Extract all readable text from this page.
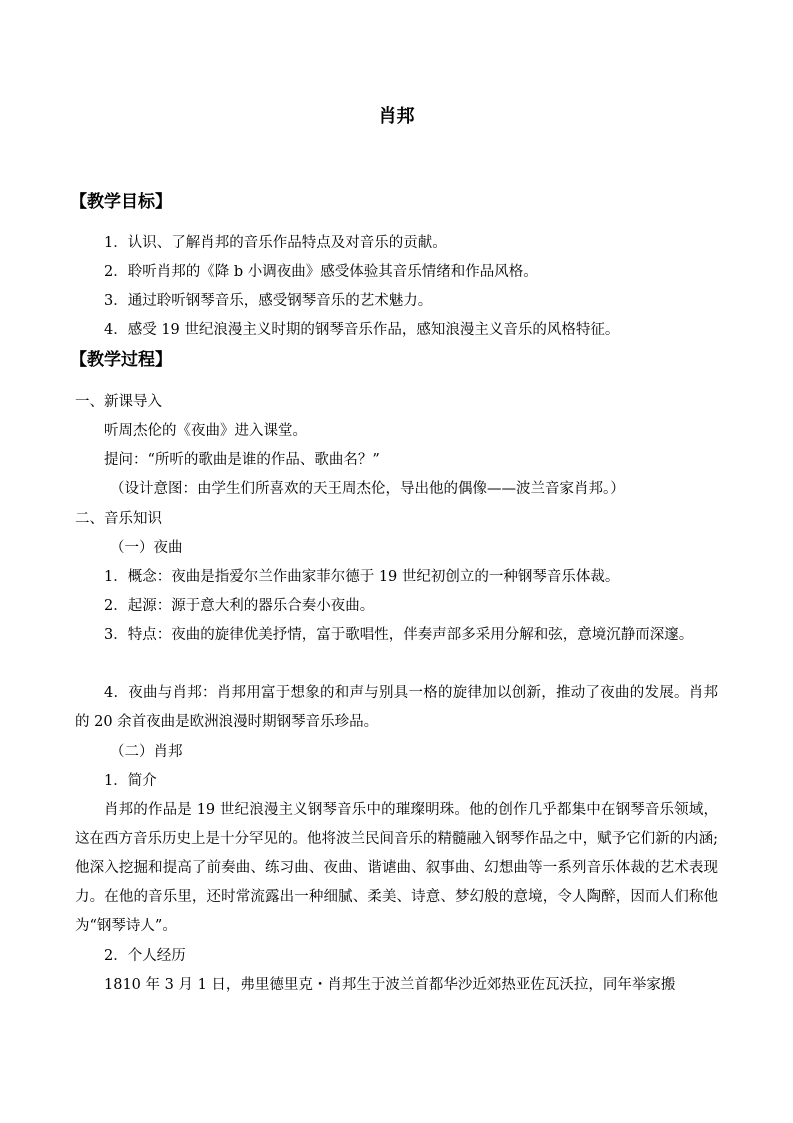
肖邦
【教学目标】
1．认识、了解肖邦的音乐作品特点及对音乐的贡献。
2．聆听肖邦的《降 b 小调夜曲》感受体验其音乐情绪和作品风格。
3．通过聆听钢琴音乐，感受钢琴音乐的艺术魅力。
4．感受 19 世纪浪漫主义时期的钢琴音乐作品，感知浪漫主义音乐的风格特征。
【教学过程】
一、新课导入
听周杰伦的《夜曲》进入课堂。
提问：“所听的歌曲是谁的作品、歌曲名？”
（设计意图：由学生们所喜欢的天王周杰伦，导出他的偶像——波兰音家肖邦。）
二、音乐知识
（一）夜曲
1．概念：夜曲是指爱尔兰作曲家菲尔德于 19 世纪初创立的一种钢琴音乐体裁。
2．起源：源于意大利的器乐合奏小夜曲。
3．特点：夜曲的旋律优美抒情，富于歌唱性，伴奏声部多采用分解和弦，意境沉静而深邃。
4．夜曲与肖邦：肖邦用富于想象的和声与别具一格的旋律加以创新，推动了夜曲的发展。肖邦的 20 余首夜曲是欧洲浪漫时期钢琴音乐珍品。
（二）肖邦
1．简介
肖邦的作品是 19 世纪浪漫主义钢琴音乐中的璀璨明珠。他的创作几乎都集中在钢琴音乐领域，这在西方音乐历史上是十分罕见的。他将波兰民间音乐的精髓融入钢琴作品之中，赋予它们新的内涵; 他深入挖掘和提高了前奏曲、练习曲、夜曲、谐谑曲、叙事曲、幻想曲等一系列音乐体裁的艺术表现力。在他的音乐里，还时常流露出一种细腻、柔美、诗意、梦幻般的意境，令人陶醉，因而人们称他为“钢琴诗人”。
2．个人经历
1810 年 3 月 1 日，弗里德里克・肖邦生于波兰首都华沙近郊热亚佐瓦沃拉，同年举家搬
